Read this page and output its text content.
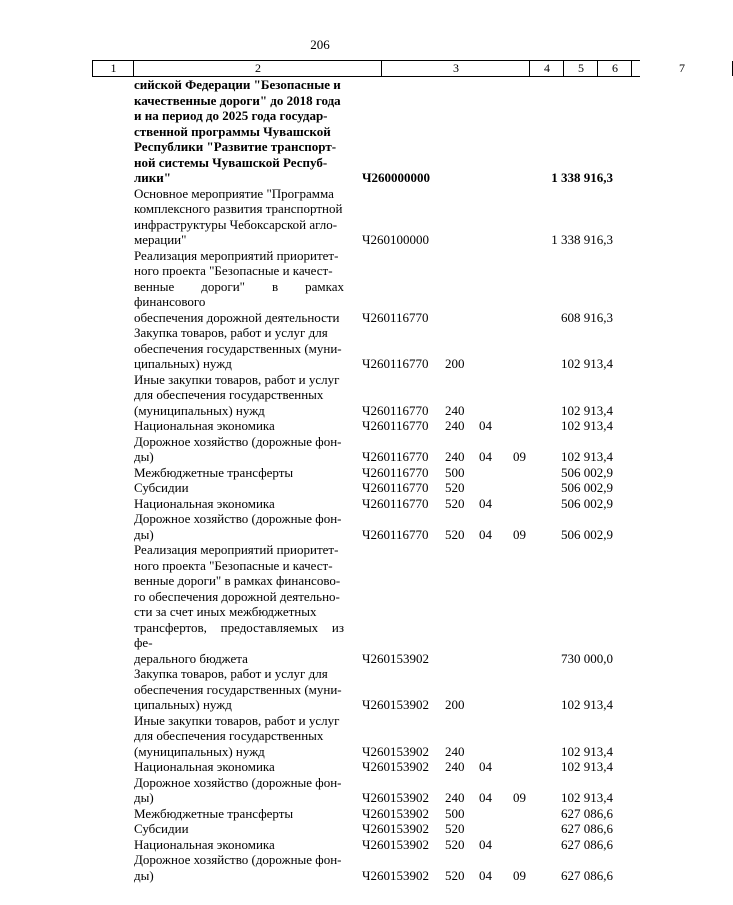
206
1	2	3	4	5	6	7
сийской Федерации "Безопасные и
качественные дороги" до 2018 года
и на период до 2025 года государ-
ственной программы Чувашской
Республики "Развитие транспорт-
ной системы Чувашской Респуб-
лики"	Ч260000000	1 338 916,3
Основное мероприятие "Программа
комплексного развития транспортной
инфраструктуры Чебоксарской агло-
мерации"	Ч260100000	1 338 916,3
Реализация мероприятий приоритет-
ного проекта "Безопасные и качест-
венные дороги" в рамках финансового
обеспечения дорожной деятельности	Ч260116770	608 916,3
Закупка товаров, работ и услуг для
обеспечения государственных (муни-
ципальных) нужд	Ч260116770 200	102 913,4
Иные закупки товаров, работ и услуг
для обеспечения государственных
(муниципальных) нужд	Ч260116770 240	102 913,4
Национальная экономика	Ч260116770 240 04	102 913,4
Дорожное хозяйство (дорожные фон-
ды)	Ч260116770 240 04 09	102 913,4
Межбюджетные трансферты	Ч260116770 500	506 002,9
Субсидии	Ч260116770 520	506 002,9
Национальная экономика	Ч260116770 520 04	506 002,9
Дорожное хозяйство (дорожные фон-
ды)	Ч260116770 520 04 09	506 002,9
Реализация мероприятий приоритет-
ного проекта "Безопасные и качест-
венные дороги" в рамках финансово-
го обеспечения дорожной деятельно-
сти за счет иных межбюджетных
трансфертов, предоставляемых из фе-
дерального бюджета	Ч260153902	730 000,0
Закупка товаров, работ и услуг для
обеспечения государственных (муни-
ципальных) нужд	Ч260153902 200	102 913,4
Иные закупки товаров, работ и услуг
для обеспечения государственных
(муниципальных) нужд	Ч260153902 240	102 913,4
Национальная экономика	Ч260153902 240 04	102 913,4
Дорожное хозяйство (дорожные фон-
ды)	Ч260153902 240 04 09	102 913,4
Межбюджетные трансферты	Ч260153902 500	627 086,6
Субсидии	Ч260153902 520	627 086,6
Национальная экономика	Ч260153902 520 04	627 086,6
Дорожное хозяйство (дорожные фон-
ды)	Ч260153902 520 04 09	627 086,6
